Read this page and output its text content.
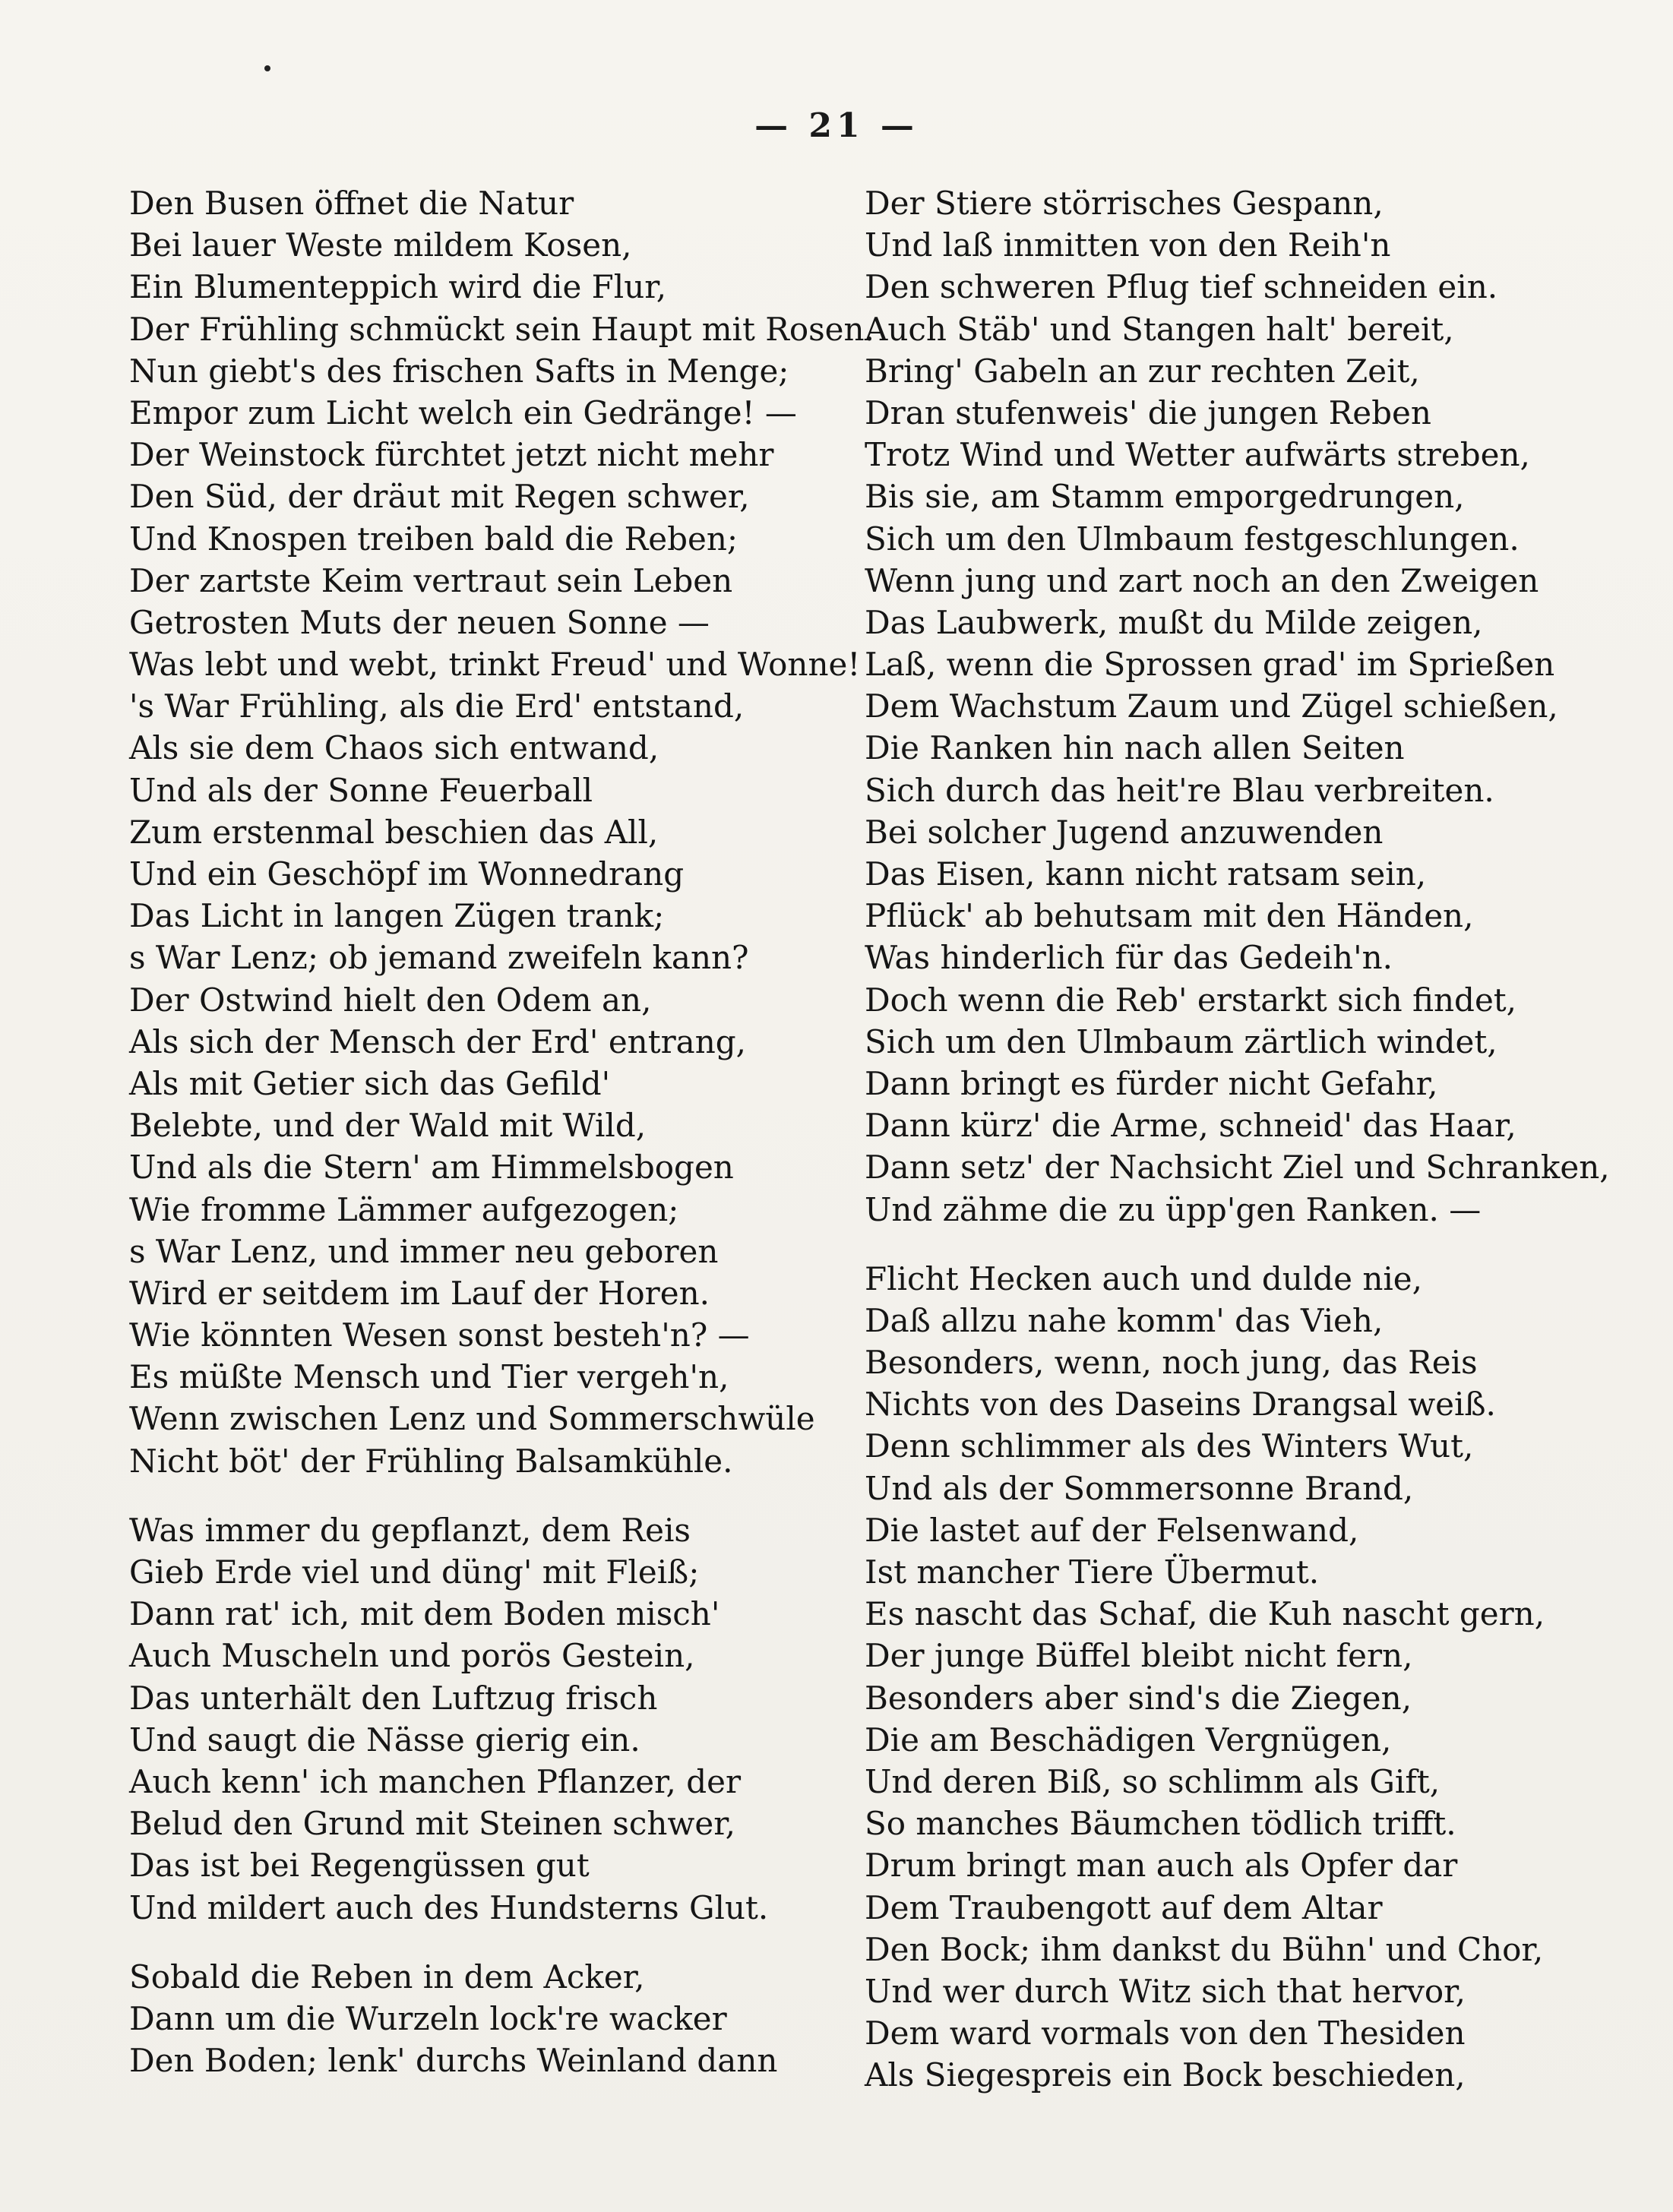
— 21 —
Den Busen öffnet die Natur
Bei lauer Weste mildem Kosen,
Ein Blumenteppich wird die Flur,
Der Frühling schmückt sein Haupt mit Rosen.
Nun giebt's des frischen Safts in Menge;
Empor zum Licht welch ein Gedränge! —
Der Weinstock fürchtet jetzt nicht mehr
Den Süd, der dräut mit Regen schwer,
Und Knospen treiben bald die Reben;
Der zartste Keim vertraut sein Leben
Getrosten Muts der neuen Sonne —
Was lebt und webt, trinkt Freud' und Wonne!
's War Frühling, als die Erd' entstand,
Als sie dem Chaos sich entwand,
Und als der Sonne Feuerball
Zum erstenmal beschien das All,
Und ein Geschöpf im Wonnedrang
Das Licht in langen Zügen trank;
s War Lenz; ob jemand zweifeln kann?
Der Ostwind hielt den Odem an,
Als sich der Mensch der Erd' entrang,
Als mit Getier sich das Gefild'
Belebte, und der Wald mit Wild,
Und als die Stern' am Himmelsbogen
Wie fromme Lämmer aufgezogen;
s War Lenz, und immer neu geboren
Wird er seitdem im Lauf der Horen.
Wie könnten Wesen sonst besteh'n? —
Es müßte Mensch und Tier vergeh'n,
Wenn zwischen Lenz und Sommerschwüle
Nicht böt' der Frühling Balsamkühle.
Was immer du gepflanzt, dem Reis
Gieb Erde viel und düng' mit Fleiß;
Dann rat' ich, mit dem Boden misch'
Auch Muscheln und porös Gestein,
Das unterhält den Luftzug frisch
Und saugt die Nässe gierig ein.
Auch kenn' ich manchen Pflanzer, der
Belud den Grund mit Steinen schwer,
Das ist bei Regengüssen gut
Und mildert auch des Hundsterns Glut.
Sobald die Reben in dem Acker,
Dann um die Wurzeln lock're wacker
Den Boden; lenk' durchs Weinland dann
Der Stiere störrisches Gespann,
Und laß inmitten von den Reih'n
Den schweren Pflug tief schneiden ein.
Auch Stäb' und Stangen halt' bereit,
Bring' Gabeln an zur rechten Zeit,
Dran stufenweis' die jungen Reben
Trotz Wind und Wetter aufwärts streben,
Bis sie, am Stamm emporgedrungen,
Sich um den Ulmbaum festgeschlungen.
Wenn jung und zart noch an den Zweigen
Das Laubwerk, mußt du Milde zeigen,
Laß, wenn die Sprossen grad' im Sprießen
Dem Wachstum Zaum und Zügel schießen,
Die Ranken hin nach allen Seiten
Sich durch das heit're Blau verbreiten.
Bei solcher Jugend anzuwenden
Das Eisen, kann nicht ratsam sein,
Pflück' ab behutsam mit den Händen,
Was hinderlich für das Gedeih'n.
Doch wenn die Reb' erstarkt sich findet,
Sich um den Ulmbaum zärtlich windet,
Dann bringt es fürder nicht Gefahr,
Dann kürz' die Arme, schneid' das Haar,
Dann setz' der Nachsicht Ziel und Schranken,
Und zähme die zu üpp'gen Ranken. —
Flicht Hecken auch und dulde nie,
Daß allzu nahe komm' das Vieh,
Besonders, wenn, noch jung, das Reis
Nichts von des Daseins Drangsal weiß.
Denn schlimmer als des Winters Wut,
Und als der Sommersonne Brand,
Die lastet auf der Felsenwand,
Ist mancher Tiere Übermut.
Es nascht das Schaf, die Kuh nascht gern,
Der junge Büffel bleibt nicht fern,
Besonders aber sind's die Ziegen,
Die am Beschädigen Vergnügen,
Und deren Biß, so schlimm als Gift,
So manches Bäumchen tödlich trifft.
Drum bringt man auch als Opfer dar
Dem Traubengott auf dem Altar
Den Bock; ihm dankst du Bühn' und Chor,
Und wer durch Witz sich that hervor,
Dem ward vormals von den Thesiden
Als Siegespreis ein Bock beschieden,
